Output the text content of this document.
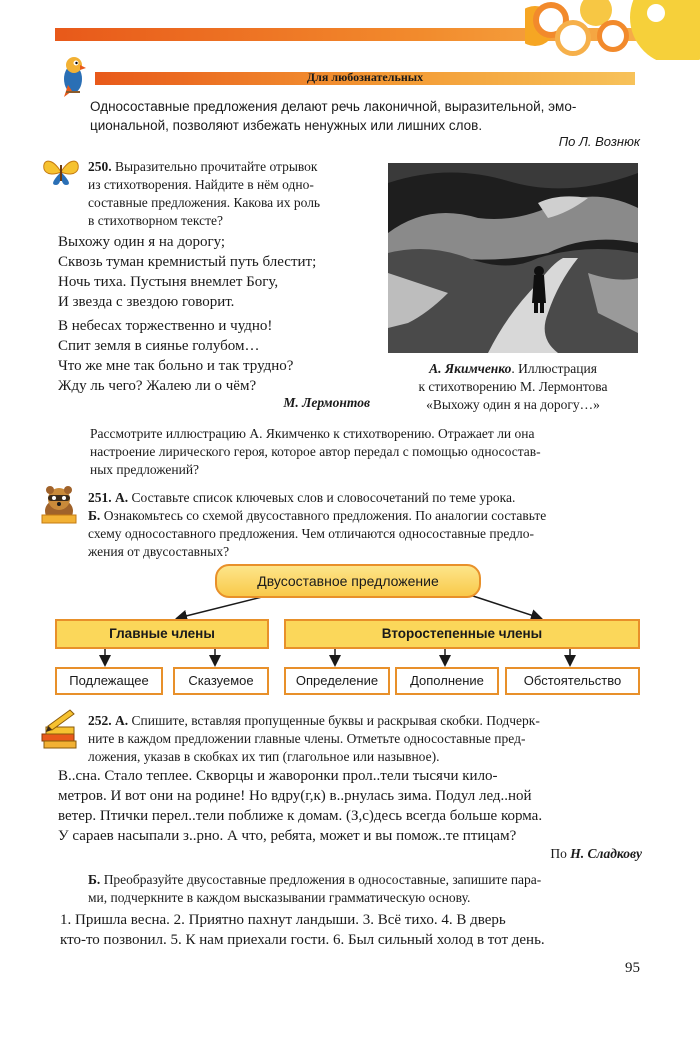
Для любознательных
Односоставные предложения делают речь лаконичной, выразительной, эмо-
циональной, позволяют избежать ненужных или лишних слов.
По Л. Вознюк
250. Выразительно прочитайте отрывок
из стихотворения. Найдите в нём одно-
составные предложения. Какова их роль
в стихотворном тексте?
Выхожу один я на дорогу;
Сквозь туман кремнистый путь блестит;
Ночь тиха. Пустыня внемлет Богу,
И звезда с звездою говорит.
В небесах торжественно и чудно!
Спит земля в сиянье голубом…
Что же мне так больно и так трудно?
Жду ль чего? Жалею ли о чём?
М. Лермонтов
А. Якимченко. Иллюстрация
к стихотворению М. Лермонтова
«Выхожу один я на дорогу…»
Рассмотрите иллюстрацию А. Якимченко к стихотворению. Отражает ли она
настроение лирического героя, которое автор передал с помощью односостав-
ных предложений?
251. А. Составьте список ключевых слов и словосочетаний по теме урока.
Б. Ознакомьтесь со схемой двусоставного предложения. По аналогии составьте
схему односоставного предложения. Чем отличаются односоставные предло-
жения от двусоставных?
Двусоставное предложение
Главные члены	Второстепенные члены
Подлежащее	Сказуемое	Определение	Дополнение	Обстоятельство
252. А. Спишите, вставляя пропущенные буквы и раскрывая скобки. Подчерк-
ните в каждом предложении главные члены. Отметьте односоставные пред-
ложения, указав в скобках их тип (глагольное или назывное).
В..сна. Стало теплее. Скворцы и жаворонки прол..тели тысячи кило-
метров. И вот они на родине! Но вдру(г,к) в..рнулась зима. Подул лед..ной
ветер. Птички перел..тели поближе к домам. (З,с)десь всегда больше корма.
У сараев насыпали з..рно. А что, ребята, может и вы помож..те птицам?
По Н. Сладкову
Б. Преобразуйте двусоставные предложения в односоставные, запишите пара-
ми, подчеркните в каждом высказывании грамматическую основу.
1. Пришла весна. 2. Приятно пахнут ландыши. 3. Всё тихо. 4. В дверь
кто-то позвонил. 5. К нам приехали гости. 6. Был сильный холод в тот день.
95
